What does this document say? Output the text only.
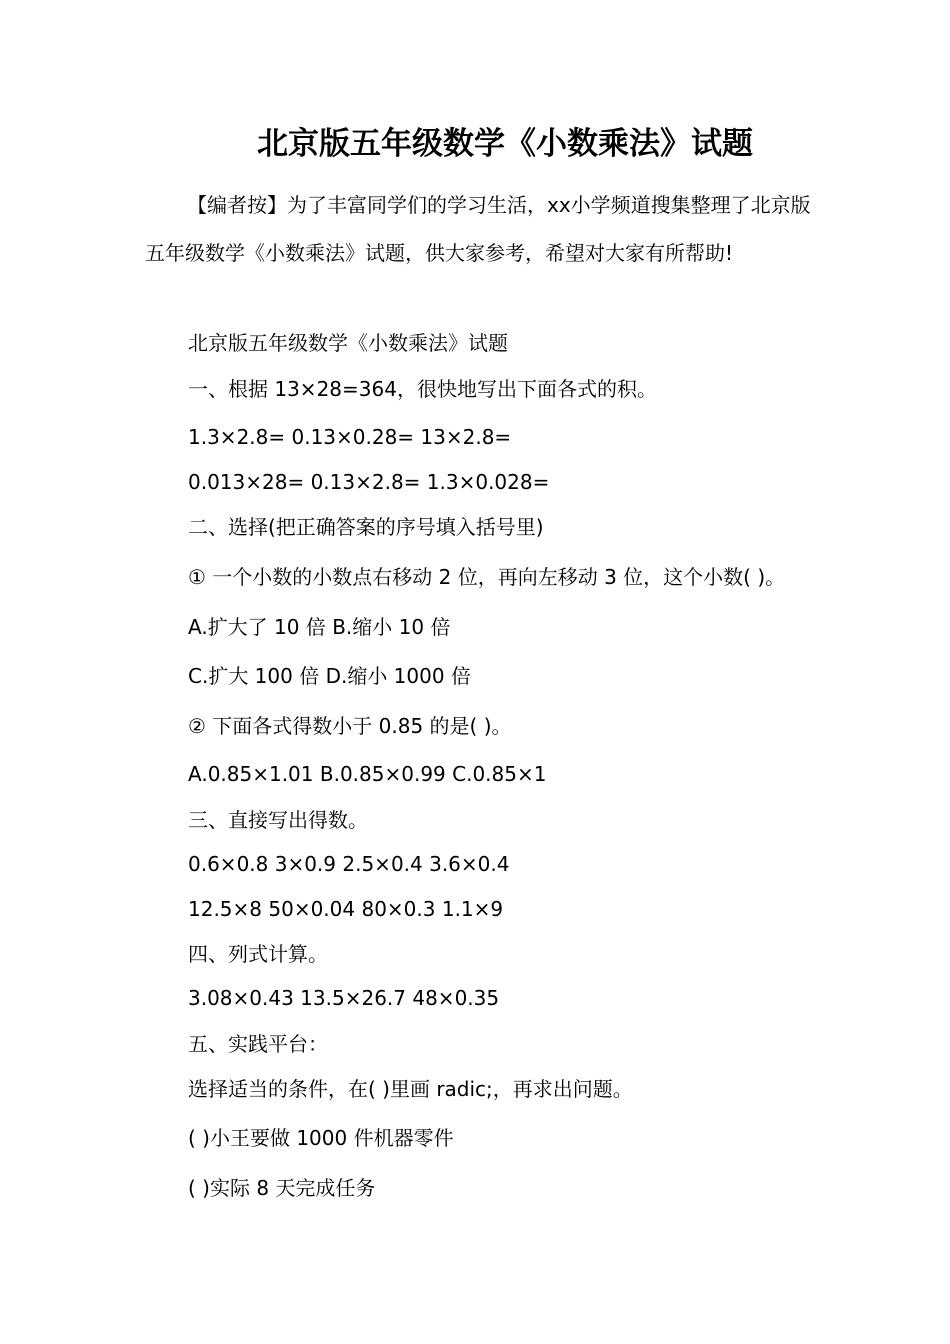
北京版五年级数学《小数乘法》试题
【编者按】为了丰富同学们的学习生活，xx小学频道搜集整理了北京版五年级数学《小数乘法》试题，供大家参考，希望对大家有所帮助!
北京版五年级数学《小数乘法》试题
一、根据 13×28=364，很快地写出下面各式的积。
1.3×2.8= 0.13×0.28= 13×2.8=
0.013×28= 0.13×2.8= 1.3×0.028=
二、选择(把正确答案的序号填入括号里)
① 一个小数的小数点右移动 2 位，再向左移动 3 位，这个小数( )。
A.扩大了 10 倍 B.缩小 10 倍
C.扩大 100 倍 D.缩小 1000 倍
② 下面各式得数小于 0.85 的是( )。
A.0.85×1.01 B.0.85×0.99 C.0.85×1
三、直接写出得数。
0.6×0.8 3×0.9 2.5×0.4 3.6×0.4
12.5×8 50×0.04 80×0.3 1.1×9
四、列式计算。
3.08×0.43 13.5×26.7 48×0.35
五、实践平台：
选择适当的条件，在( )里画 radic;，再求出问题。
( )小王要做 1000 件机器零件
( )实际 8 天完成任务
